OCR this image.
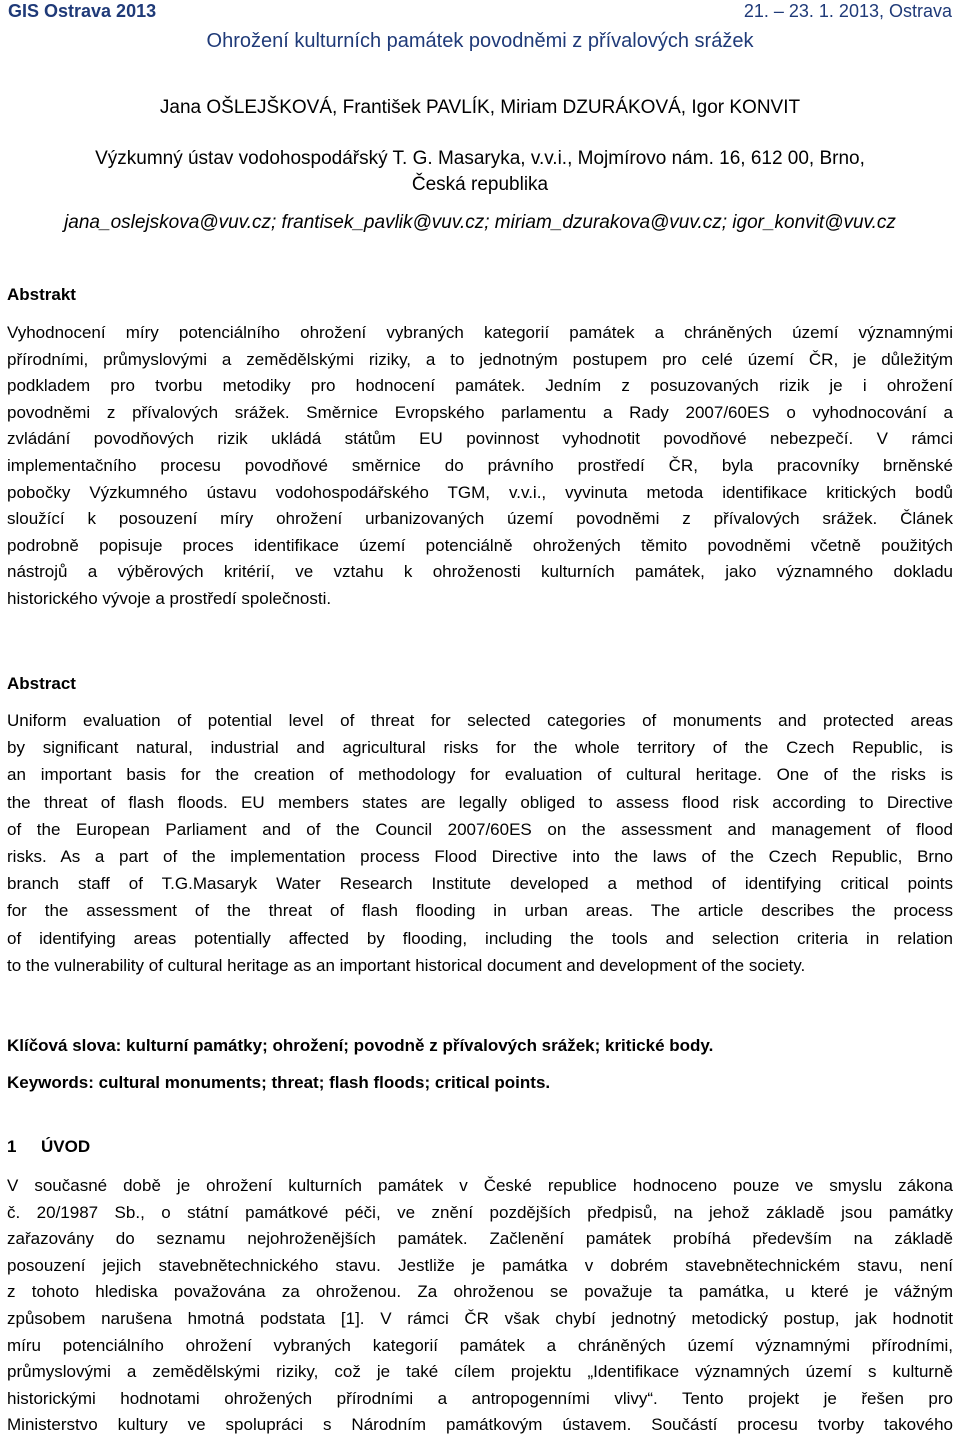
GIS Ostrava 2013	21. – 23. 1. 2013, Ostrava
Ohrožení kulturních památek povodněmi z přívalových srážek
Jana OŠLEJŠKOVÁ, František PAVLÍK, Miriam DZURÁKOVÁ, Igor KONVIT
Výzkumný ústav vodohospodářský T. G. Masaryka, v.v.i., Mojmírovo nám. 16, 612 00, Brno,
Česká republika
jana_oslejskova@vuv.cz; frantisek_pavlik@vuv.cz; miriam_dzurakova@vuv.cz; igor_konvit@vuv.cz
Abstrakt
Vyhodnocení míry potenciálního ohrožení vybraných kategorií památek a chráněných území významnými
přírodními, průmyslovými a zemědělskými riziky, a to jednotným postupem pro celé území ČR, je důležitým
podkladem pro tvorbu metodiky pro hodnocení památek. Jedním z posuzovaných rizik je i ohrožení
povodněmi z přívalových srážek. Směrnice Evropského parlamentu a Rady 2007/60ES o vyhodnocování a
zvládání povodňových rizik ukládá státům EU povinnost vyhodnotit povodňové nebezpečí. V rámci
implementačního procesu povodňové směrnice do právního prostředí ČR, byla pracovníky brněnské
pobočky Výzkumného ústavu vodohospodářského TGM, v.v.i., vyvinuta metoda identifikace kritických bodů
sloužící k posouzení míry ohrožení urbanizovaných území povodněmi z přívalových srážek. Článek
podrobně popisuje proces identifikace území potenciálně ohrožených těmito povodněmi včetně použitých
nástrojů a výběrových kritérií, ve vztahu k ohroženosti kulturních památek, jako významného dokladu
historického vývoje a prostředí společnosti.
Abstract
Uniform evaluation of potential level of threat for selected categories of monuments and protected areas
by significant natural, industrial and agricultural risks for the whole territory of the Czech Republic, is
an important basis for the creation of methodology for evaluation of cultural heritage. One of the risks is
the threat of flash floods. EU members states are legally obliged to assess flood risk according to Directive
of the European Parliament and of the Council 2007/60ES on the assessment and management of flood
risks. As a part of the implementation process Flood Directive into the laws of the Czech Republic, Brno
branch staff of T.G.Masaryk Water Research Institute developed a method of identifying critical points
for the assessment of the threat of flash flooding in urban areas. The article describes the process
of identifying areas potentially affected by flooding, including the tools and selection criteria in relation
to the vulnerability of cultural heritage as an important historical document and development of the society.
Klíčová slova: kulturní památky; ohrožení; povodně z přívalových srážek; kritické body.
Keywords: cultural monuments; threat; flash floods; critical points.
1 ÚVOD
V současné době je ohrožení kulturních památek v České republice hodnoceno pouze ve smyslu zákona
č. 20/1987 Sb., o státní památkové péči, ve znění pozdějších předpisů, na jehož základě jsou památky
zařazovány do seznamu nejohroženějších památek. Začlenění památek probíhá především na základě
posouzení jejich stavebnětechnického stavu. Jestliže je památka v dobrém stavebnětechnickém stavu, není
z tohoto hlediska považována za ohroženou. Za ohroženou se považuje ta památka, u které je vážným
způsobem narušena hmotná podstata [1]. V rámci ČR však chybí jednotný metodický postup, jak hodnotit
míru potenciálního ohrožení vybraných kategorií památek a chráněných území významnými přírodními,
průmyslovými a zemědělskými riziky, což je také cílem projektu „Identifikace významných území s kulturně
historickými hodnotami ohrožených přírodními a antropogenními vlivy“. Tento projekt je řešen pro
Ministerstvo kultury ve spolupráci s Národním památkovým ústavem. Součástí procesu tvorby takového
